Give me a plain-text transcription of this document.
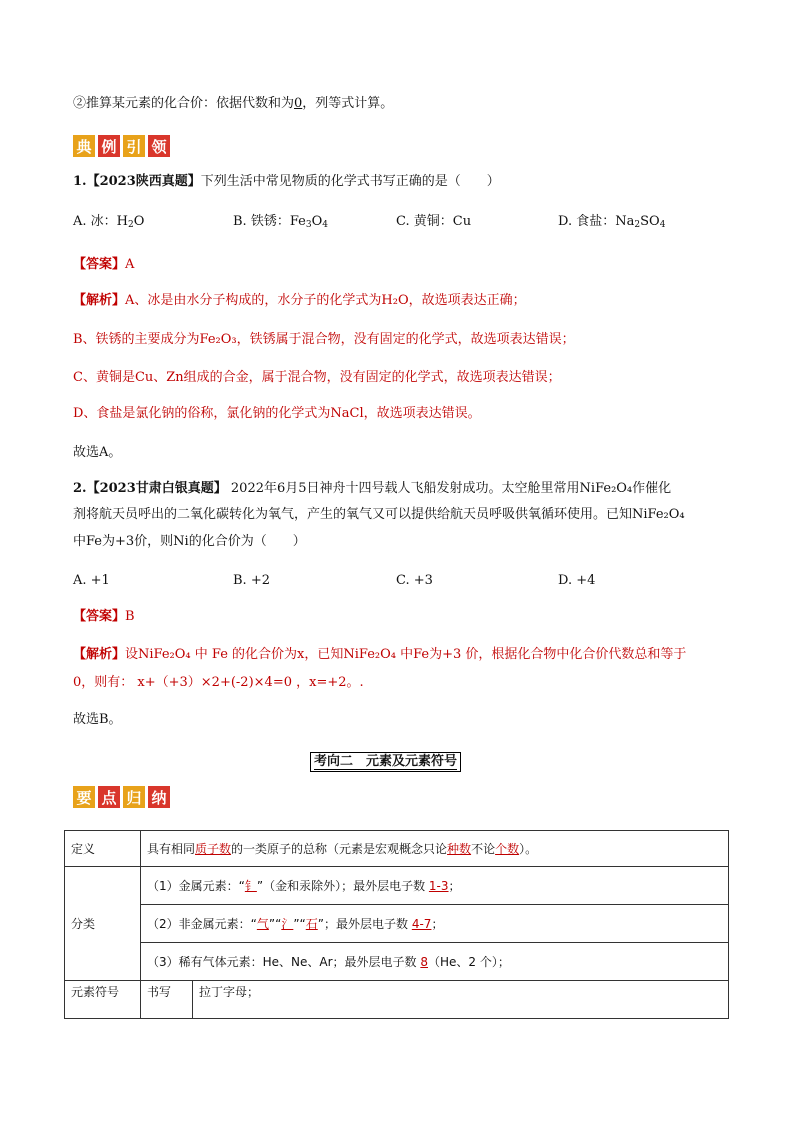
②推算某元素的化合价：依据代数和为0，列等式计算。
典 例 引 领
1.【2023陕西真题】下列生活中常见物质的化学式书写正确的是（　　）
A. 冰：$H_2O$	B. 铁锈：$Fe_3O_4$	C. 黄铜：Cu	D. 食盐：$Na_2SO_4$
【答案】A
【解析】A、冰是由水分子构成的，水分子的化学式为H₂O，故选项表达正确；
B、铁锈的主要成分为Fe₂O₃，铁锈属于混合物，没有固定的化学式，故选项表达错误；
C、黄铜是Cu、Zn组成的合金，属于混合物，没有固定的化学式，故选项表达错误；
D、食盐是氯化钠的俗称，氯化钠的化学式为NaCl，故选项表达错误。
故选A。
2.【2023甘肃白银真题】 2022年6月5日神舟十四号载人飞船发射成功。太空舱里常用NiFe₂O₄作催化
剂将航天员呼出的二氧化碳转化为氧气，产生的氧气又可以提供给航天员呼吸供氧循环使用。已知NiFe₂O₄
中Fe为+3价，则Ni的化合价为（　　）
A. +1	B. +2	C. +3	D. +4
【答案】B
【解析】设NiFe₂O₄ 中 Fe 的化合价为x，已知NiFe₂O₄ 中Fe为+3 价，根据化合物中化合价代数总和等于
0，则有： x+（+3）×2+(-2)×4=0 ，x=+2。.
故选B。
考向二　元素及元素符号
要 点 归 纳
定义	具有相同质子数的一类原子的总称（元素是宏观概念只论种数不论个数）。	
分类	（1）金属元素：“钅”（金和汞除外）；最外层电子数 1-3；	
	（2）非金属元素：“气”“氵”“石”；最外层电子数 4-7；	
	（3）稀有气体元素：He、Ne、Ar；最外层电子数 8（He、2 个）；	
元素符号	书写	拉丁字母；
